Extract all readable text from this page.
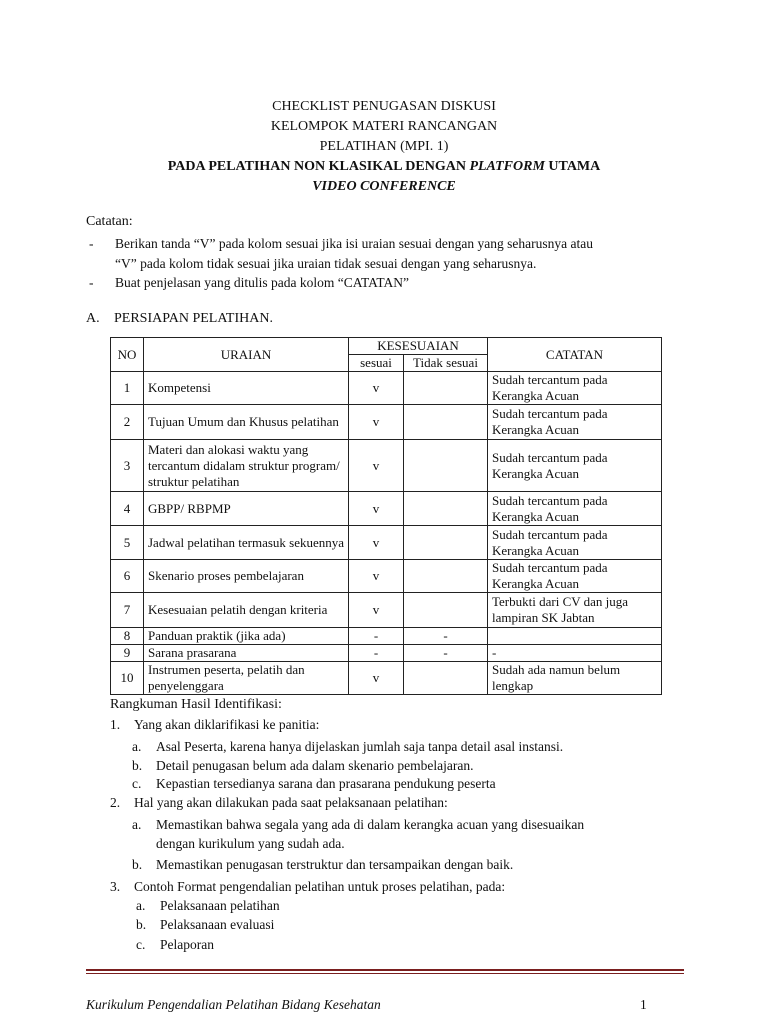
CHECKLIST PENUGASAN DISKUSI
KELOMPOK MATERI RANCANGAN
PELATIHAN (MPI. 1)
PADA PELATIHAN NON KLASIKAL DENGAN PLATFORM UTAMA
VIDEO CONFERENCE
Catatan:
- Berikan tanda “V” pada kolom sesuai jika isi uraian sesuai dengan yang seharusnya atau
“V” pada kolom tidak sesuai jika uraian tidak sesuai dengan yang seharusnya.
- Buat penjelasan yang ditulis pada kolom “CATATAN”
A. PERSIAPAN PELATIHAN.
NO	URAIAN	KESESUAIAN		CATATAN
		sesuai	Tidak sesuai	
1	Kompetensi	v		Sudah tercantum pada Kerangka Acuan
2	Tujuan Umum dan Khusus pelatihan	v		Sudah tercantum pada Kerangka Acuan
3	Materi dan alokasi waktu yang tercantum didalam struktur program/ struktur pelatihan	v		Sudah tercantum pada Kerangka Acuan
4	GBPP/ RBPMP	v		Sudah tercantum pada Kerangka Acuan
5	Jadwal pelatihan termasuk sekuennya	v		Sudah tercantum pada Kerangka Acuan
6	Skenario proses pembelajaran	v		Sudah tercantum pada Kerangka Acuan
7	Kesesuaian pelatih dengan kriteria	v		Terbukti dari CV dan juga lampiran SK Jabtan
8	Panduan praktik (jika ada)	-	-	
9	Sarana prasarana	-	-	-
10	Instrumen peserta, pelatih dan penyelenggara	v		Sudah ada namun belum lengkap
Rangkuman Hasil Identifikasi:
1. Yang akan diklarifikasi ke panitia:
a. Asal Peserta, karena hanya dijelaskan jumlah saja tanpa detail asal instansi.
b. Detail penugasan belum ada dalam skenario pembelajaran.
c. Kepastian tersedianya sarana dan prasarana pendukung peserta
2. Hal yang akan dilakukan pada saat pelaksanaan pelatihan:
a. Memastikan bahwa segala yang ada di dalam kerangka acuan yang disesuaikan
dengan kurikulum yang sudah ada.
b. Memastikan penugasan terstruktur dan tersampaikan dengan baik.
3. Contoh Format pengendalian pelatihan untuk proses pelatihan, pada:
a. Pelaksanaan pelatihan
b. Pelaksanaan evaluasi
c. Pelaporan
Kurikulum Pengendalian Pelatihan Bidang Kesehatan	1
